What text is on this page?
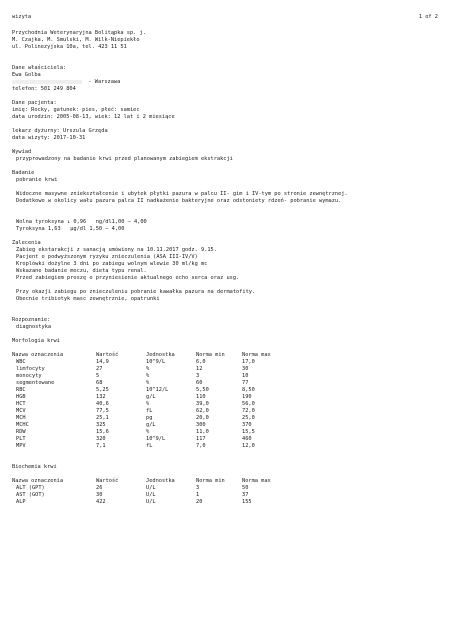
wizyta	1 of 2
Przychodnia Weterynaryjna Bolitąpka sp. j.
M. Czajka, M. Smulski, M. Wilk-Niepiekło
ul. Polinezyjska 10a, tel. 423 11 51
Dane właściciela:
Ewa Golba
- Warszawa
telefon: 501 249 804
Dane pacjenta:
imię: Rocky, gatunek: pies, płeć: samiec
data urodzin: 2005-08-13, wiek: 12 lat i 2 miesiące
lekarz dyżurny: Urszula Grzęda
data wizyty: 2017-10-31
Wywiad
przyprowadzony na badanie krwi przed planowanym zabiegiem ekstrakcji
Badanie
pobranie krwi
Widoczne masywne zniekształcenie i ubytek płytki pazura w palcu II- gim i IV-tym po stronie zewnętrznej.
Dodatkowo w okolicy wału pazura palca II nadkażenie bakteryjne oraz odstoniety rdzeń- pobranie wymazu.
Wolna tyroksyna ↓ 0,96   ng/dl1,00 – 4,00
Tyroksyna 1,63   µg/dl 1,50 – 4,00
Zalecenia
Zabieg ekstarakcji z sanacją umówiony na 10.11.2017 godz. 9.15.
Pacjent o podwyższonym ryzyku znieczulenia (ASA III-IV/V)
Kroplówki dożylne 3 dni po zabiegu wolnym wlewie 30 ml/kg mc
Wskazane badanie moczu, dieta typu renal.
Przed zabiegiem proszę o przyniesienie aktualnego echo serca oraz usg.
Przy okazji zabiegu po znieczuleniu pobranie kawałka pazura na dermatofity.
Obecnie tribiotyk masc zewnętrznie, opatrunki
Rozpoznanie:
diagnostyka
Morfologia krwi
Nazwa oznaczenia	Wartość	Jednostka	Norma min	Norma max
WBC	14,9	10^9/L	6,0	17,0
limfocyty	27	%	12	30
monocyty	5	%	3	10
segmentowane	68	%	60	77
RBC	5,25	10^12/L	5,50	8,50
HGB	132	g/L	110	190
HCT	40,6	%	39,0	56,0
MCV	77,5	fL	62,0	72,0
MCH	25,1	pg	20,0	25,0
MCHC	325	g/L	300	370
RDW	15,6	%	11,0	15,5
PLT	320	10^9/L	117	460
MPV	7,1	fL	7,0	12,0
Biochemia krwi
Nazwa oznaczenia	Wartość	Jednostka	Norma min	Norma max
ALT (GPT)	26	U/L	3	50
AST (GOT)	30	U/L	1	37
ALP	422	U/L	20	155
